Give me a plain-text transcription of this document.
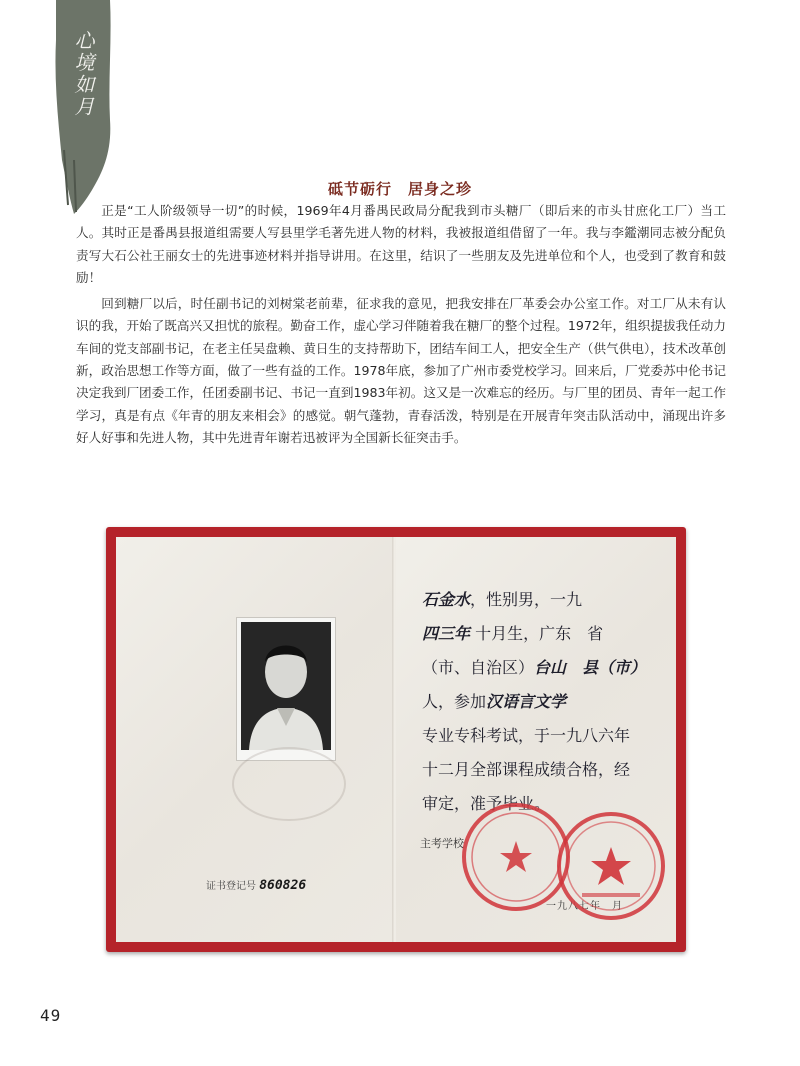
心境如月
砥节砺行　居身之珍

正是“工人阶级领导一切”的时候，1969年4月番禺民政局分配我到市头糖厂（即后来的市头甘庶化工厂）当工人。其时正是番禺县报道组需要人写县里学毛著先进人物的材料，我被报道组借留了一年。我与李鑑潮同志被分配负责写大石公社王丽女士的先进事迹材料并指导讲用。在这里，结识了一些朋友及先进单位和个人，也受到了教育和鼓励！

回到糖厂以后，时任副书记的刘树棠老前辈，征求我的意见，把我安排在厂革委会办公室工作。对工厂从未有认识的我，开始了既高兴又担忧的旅程。勤奋工作，虚心学习伴随着我在糖厂的整个过程。1972年，组织提拔我任动力车间的党支部副书记，在老主任吴盘赖、黄日生的支持帮助下，团结车间工人，把安全生产（供气供电），技术改革创新，政治思想工作等方面，做了一些有益的工作。1978年底，参加了广州市委党校学习。回来后，厂党委苏中伦书记决定我到厂团委工作，任团委副书记、书记一直到1983年初。这又是一次难忘的经历。与厂里的团员、青年一起工作学习，真是有点《年青的朋友来相会》的感觉。朝气蓬勃，青春活泼，特别是在开展青年突击队活动中，涌现出许多好人好事和先进人物，其中先进青年谢若迅被评为全国新长征突击手。

证书登记号 860826
石金水，性别男，一九
四三年 十月生，广东　省
（市、自治区）台山　县（市）
人，参加汉语言文学
专业专科考试，于一九八六年
十二月全部课程成绩合格，经
审定，准予毕业。
主考学校
一九八七年　月
49
